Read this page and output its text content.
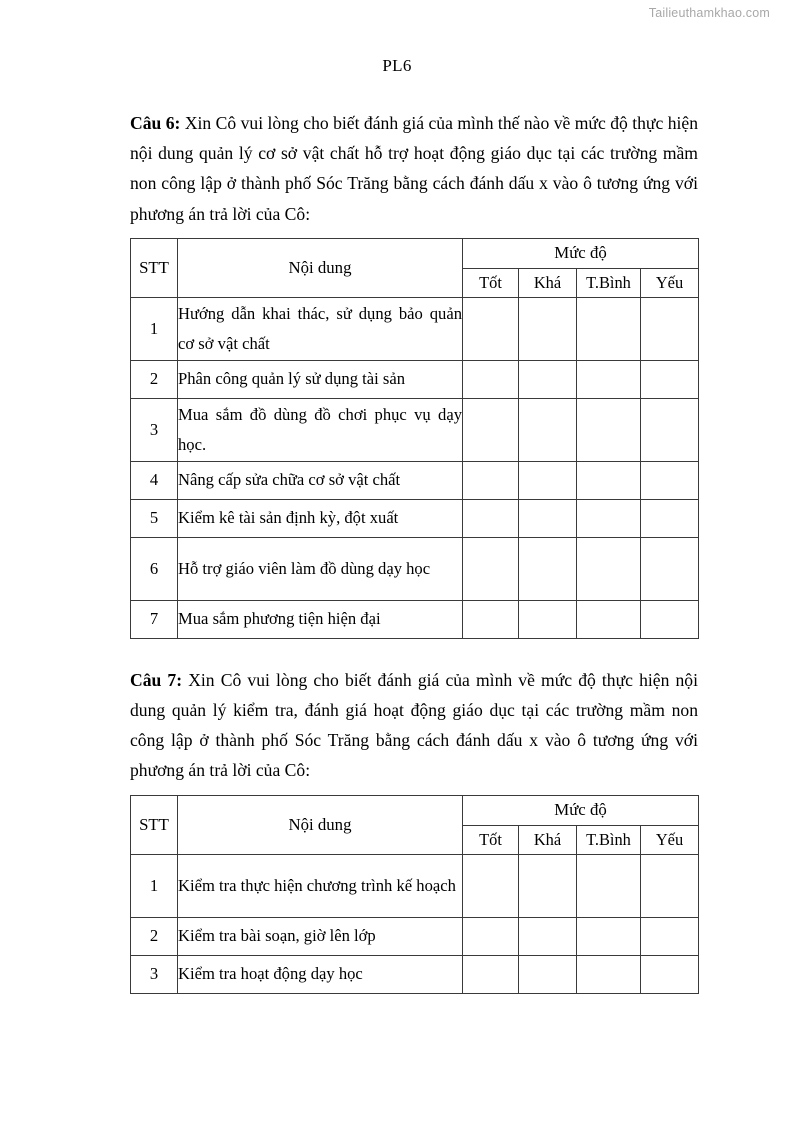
Tailieuthamkhao.com
PL6

Câu 6: Xin Cô vui lòng cho biết đánh giá của mình thế nào về mức độ thực hiện nội dung quản lý cơ sở vật chất hỗ trợ hoạt động giáo dục tại các trường mầm non công lập ở thành phố Sóc Trăng bằng cách đánh dấu x vào ô tương ứng với phương án trả lời của Cô:

STT	Nội dung	Mức độ			
		Tốt	Khá	T.Bình	Yếu
1	Hướng dẫn khai thác, sử dụng bảo quản cơ sở vật chất				
2	Phân công quản lý sử dụng tài sản				
3	Mua sắm đồ dùng đồ chơi phục vụ dạy học.				
4	Nâng cấp sửa chữa cơ sở vật chất				
5	Kiểm kê tài sản định kỳ, đột xuất				
6	Hỗ trợ giáo viên làm đồ dùng dạy học				
7	Mua sắm phương tiện hiện đại				

Câu 7: Xin Cô vui lòng cho biết đánh giá của mình về mức độ thực hiện nội dung quản lý kiểm tra, đánh giá hoạt động giáo dục tại các trường mầm non công lập ở thành phố Sóc Trăng bằng cách đánh dấu x vào ô tương ứng với phương án trả lời của Cô:

STT	Nội dung	Mức độ			
		Tốt	Khá	T.Bình	Yếu
1	Kiểm tra thực hiện chương trình kế hoạch				
2	Kiểm tra bài soạn, giờ lên lớp				
3	Kiểm tra hoạt động dạy học				
